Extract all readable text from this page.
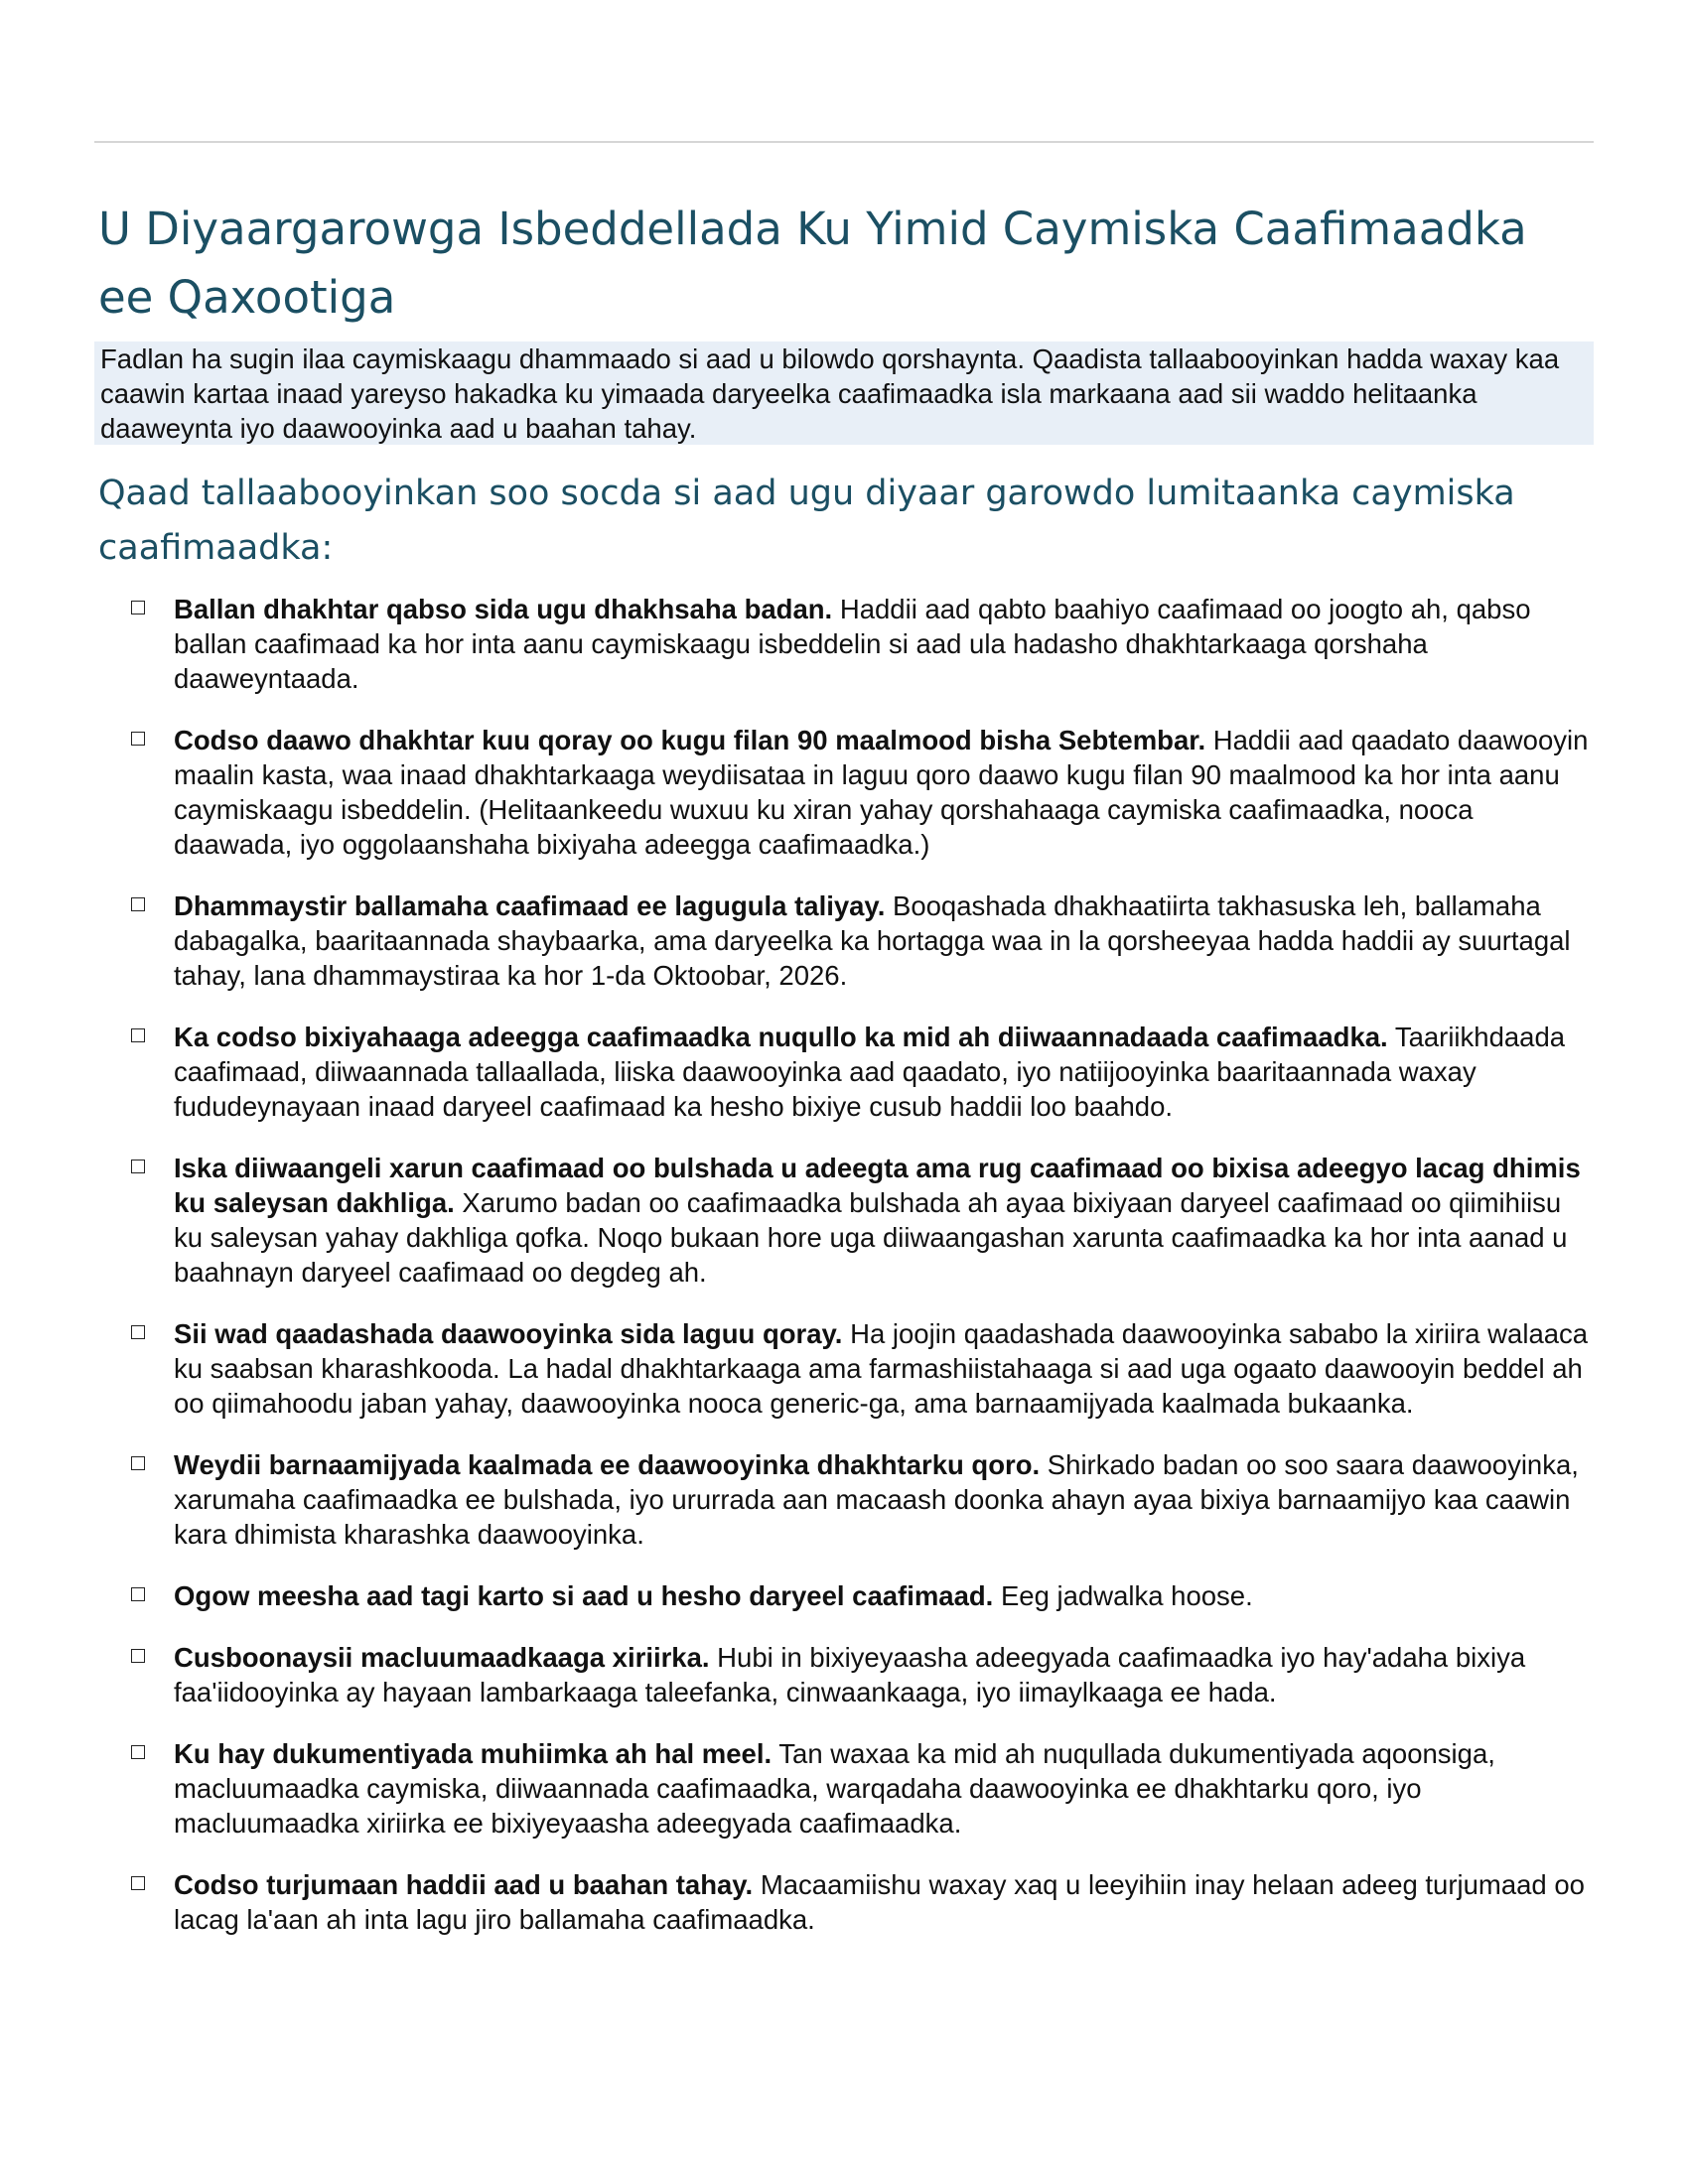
U Diyaargarowga Isbeddellada Ku Yimid Caymiska Caafimaadka ee Qaxootiga
Fadlan ha sugin ilaa caymiskaagu dhammaado si aad u bilowdo qorshaynta. Qaadista tallaabooyinkan hadda waxay kaa caawin kartaa inaad yareyso hakadka ku yimaada daryeelka caafimaadka isla markaana aad sii waddo helitaanka daaweynta iyo daawooyinka aad u baahan tahay.
Qaad tallaabooyinkan soo socda si aad ugu diyaar garowdo lumitaanka caymiska caafimaadka:
Ballan dhakhtar qabso sida ugu dhakhsaha badan. Haddii aad qabto baahiyo caafimaad oo joogto ah, qabso ballan caafimaad ka hor inta aanu caymiskaagu isbeddelin si aad ula hadasho dhakhtarkaaga qorshaha daaweyntaada.
Codso daawo dhakhtar kuu qoray oo kugu filan 90 maalmood bisha Sebtembar. Haddii aad qaadato daawooyin maalin kasta, waa inaad dhakhtarkaaga weydiisataa in laguu qoro daawo kugu filan 90 maalmood ka hor inta aanu caymiskaagu isbeddelin. (Helitaankeedu wuxuu ku xiran yahay qorshahaaga caymiska caafimaadka, nooca daawada, iyo oggolaanshaha bixiyaha adeegga caafimaadka.)
Dhammaystir ballamaha caafimaad ee lagugula taliyay. Booqashada dhakhaatiirta takhasuska leh, ballamaha dabagalka, baaritaannada shaybaarka, ama daryeelka ka hortagga waa in la qorsheeyaa hadda haddii ay suurtagal tahay, lana dhammaystiraa ka hor 1-da Oktoobar, 2026.
Ka codso bixiyahaaga adeegga caafimaadka nuqullo ka mid ah diiwaannadaada caafimaadka. Taariikhdaada caafimaad, diiwaannada tallaallada, liiska daawooyinka aad qaadato, iyo natiijooyinka baaritaannada waxay fududeynayaan inaad daryeel caafimaad ka hesho bixiye cusub haddii loo baahdo.
Iska diiwaangeli xarun caafimaad oo bulshada u adeegta ama rug caafimaad oo bixisa adeegyo lacag dhimis ku saleysan dakhliga. Xarumo badan oo caafimaadka bulshada ah ayaa bixiyaan daryeel caafimaad oo qiimihiisu ku saleysan yahay dakhliga qofka. Noqo bukaan hore uga diiwaangashan xarunta caafimaadka ka hor inta aanad u baahnayn daryeel caafimaad oo degdeg ah.
Sii wad qaadashada daawooyinka sida laguu qoray. Ha joojin qaadashada daawooyinka sababo la xiriira walaaca ku saabsan kharashkooda. La hadal dhakhtarkaaga ama farmashiistahaaga si aad uga ogaato daawooyin beddel ah oo qiimahoodu jaban yahay, daawooyinka nooca generic-ga, ama barnaamijyada kaalmada bukaanka.
Weydii barnaamijyada kaalmada ee daawooyinka dhakhtarku qoro. Shirkado badan oo soo saara daawooyinka, xarumaha caafimaadka ee bulshada, iyo ururrada aan macaash doonka ahayn ayaa bixiya barnaamijyo kaa caawin kara dhimista kharashka daawooyinka.
Ogow meesha aad tagi karto si aad u hesho daryeel caafimaad. Eeg jadwalka hoose.
Cusboonaysii macluumaadkaaga xiriirka. Hubi in bixiyeyaasha adeegyada caafimaadka iyo hay'adaha bixiya faa'iidooyinka ay hayaan lambarkaaga taleefanka, cinwaankaaga, iyo iimaylkaaga ee hada.
Ku hay dukumentiyada muhiimka ah hal meel. Tan waxaa ka mid ah nuqullada dukumentiyada aqoonsiga, macluumaadka caymiska, diiwaannada caafimaadka, warqadaha daawooyinka ee dhakhtarku qoro, iyo macluumaadka xiriirka ee bixiyeyaasha adeegyada caafimaadka.
Codso turjumaan haddii aad u baahan tahay. Macaamiishu waxay xaq u leeyihiin inay helaan adeeg turjumaad oo lacag la'aan ah inta lagu jiro ballamaha caafimaadka.
